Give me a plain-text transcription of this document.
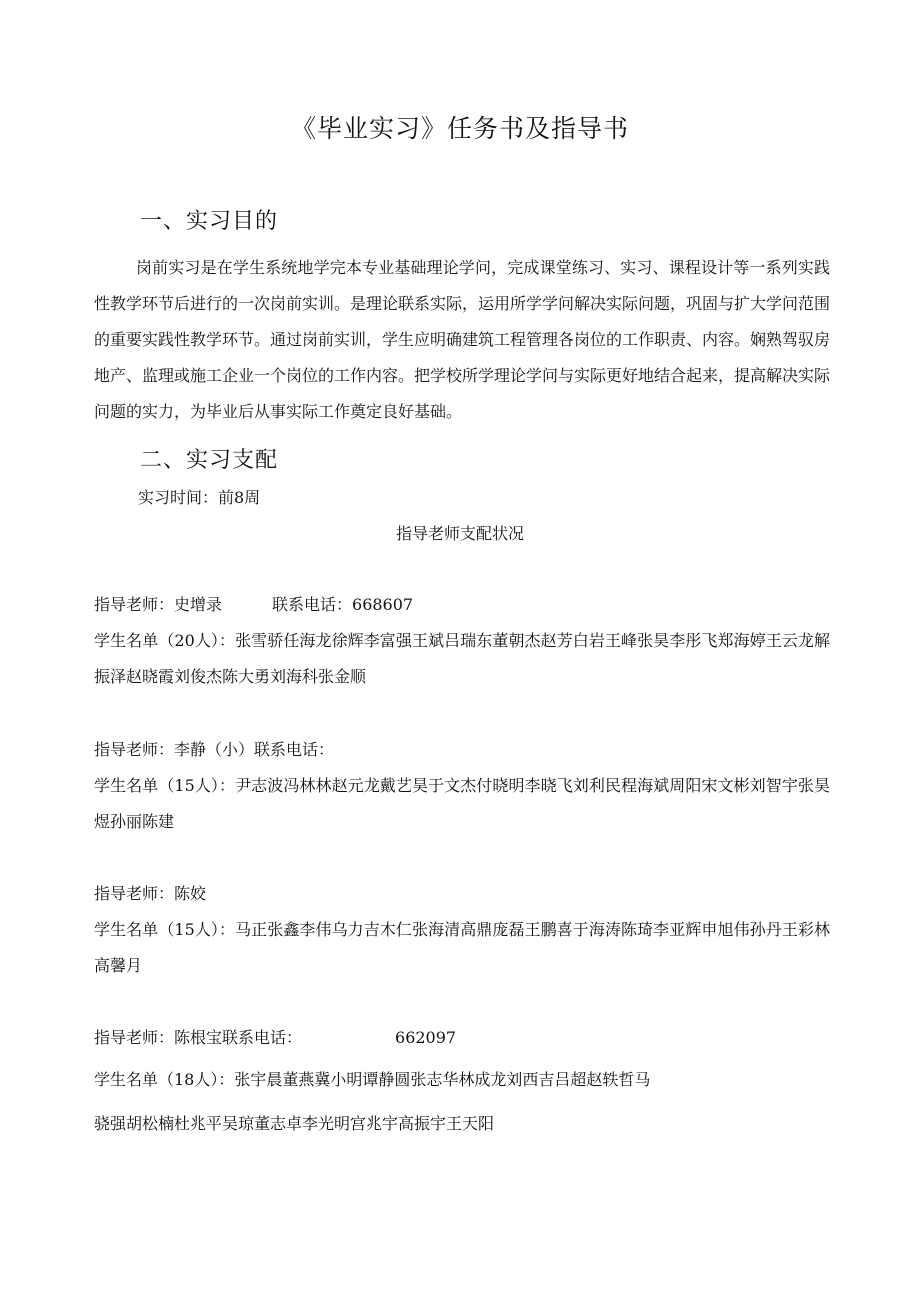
《毕业实习》任务书及指导书
一、实习目的
岗前实习是在学生系统地学完本专业基础理论学问，完成课堂练习、实习、课程设计等一系列实践性教学环节后进行的一次岗前实训。是理论联系实际，运用所学学问解决实际问题，巩固与扩大学问范围的重要实践性教学环节。通过岗前实训，学生应明确建筑工程管理各岗位的工作职责、内容。娴熟驾驭房地产、监理或施工企业一个岗位的工作内容。把学校所学理论学问与实际更好地结合起来，提高解决实际问题的实力，为毕业后从事实际工作奠定良好基础。
二、实习支配
实习时间：前8周
指导老师支配状况
指导老师：史增录	联系电话：668607
学生名单（20人）：张雪骄任海龙徐辉李富强王斌吕瑞东董朝杰赵芳白岩王峰张昊李彤飞郑海婷王云龙解振泽赵晓霞刘俊杰陈大勇刘海科张金顺
指导老师：李静（小）联系电话：
学生名单（15人）：尹志波冯林林赵元龙戴艺昊于文杰付晓明李晓飞刘利民程海斌周阳宋文彬刘智宇张昊煜孙丽陈建
指导老师：陈姣
学生名单（15人）：马正张鑫李伟乌力吉木仁张海清高鼎庞磊王鹏喜于海涛陈琦李亚辉申旭伟孙丹王彩林高馨月
指导老师：陈根宝联系电话：	662097
学生名单（18人）：张宇晨董燕冀小明谭静圆张志华林成龙刘西吉吕超赵轶哲马
骁强胡松楠杜兆平吴琼董志卓李光明宫兆宇高振宇王天阳
